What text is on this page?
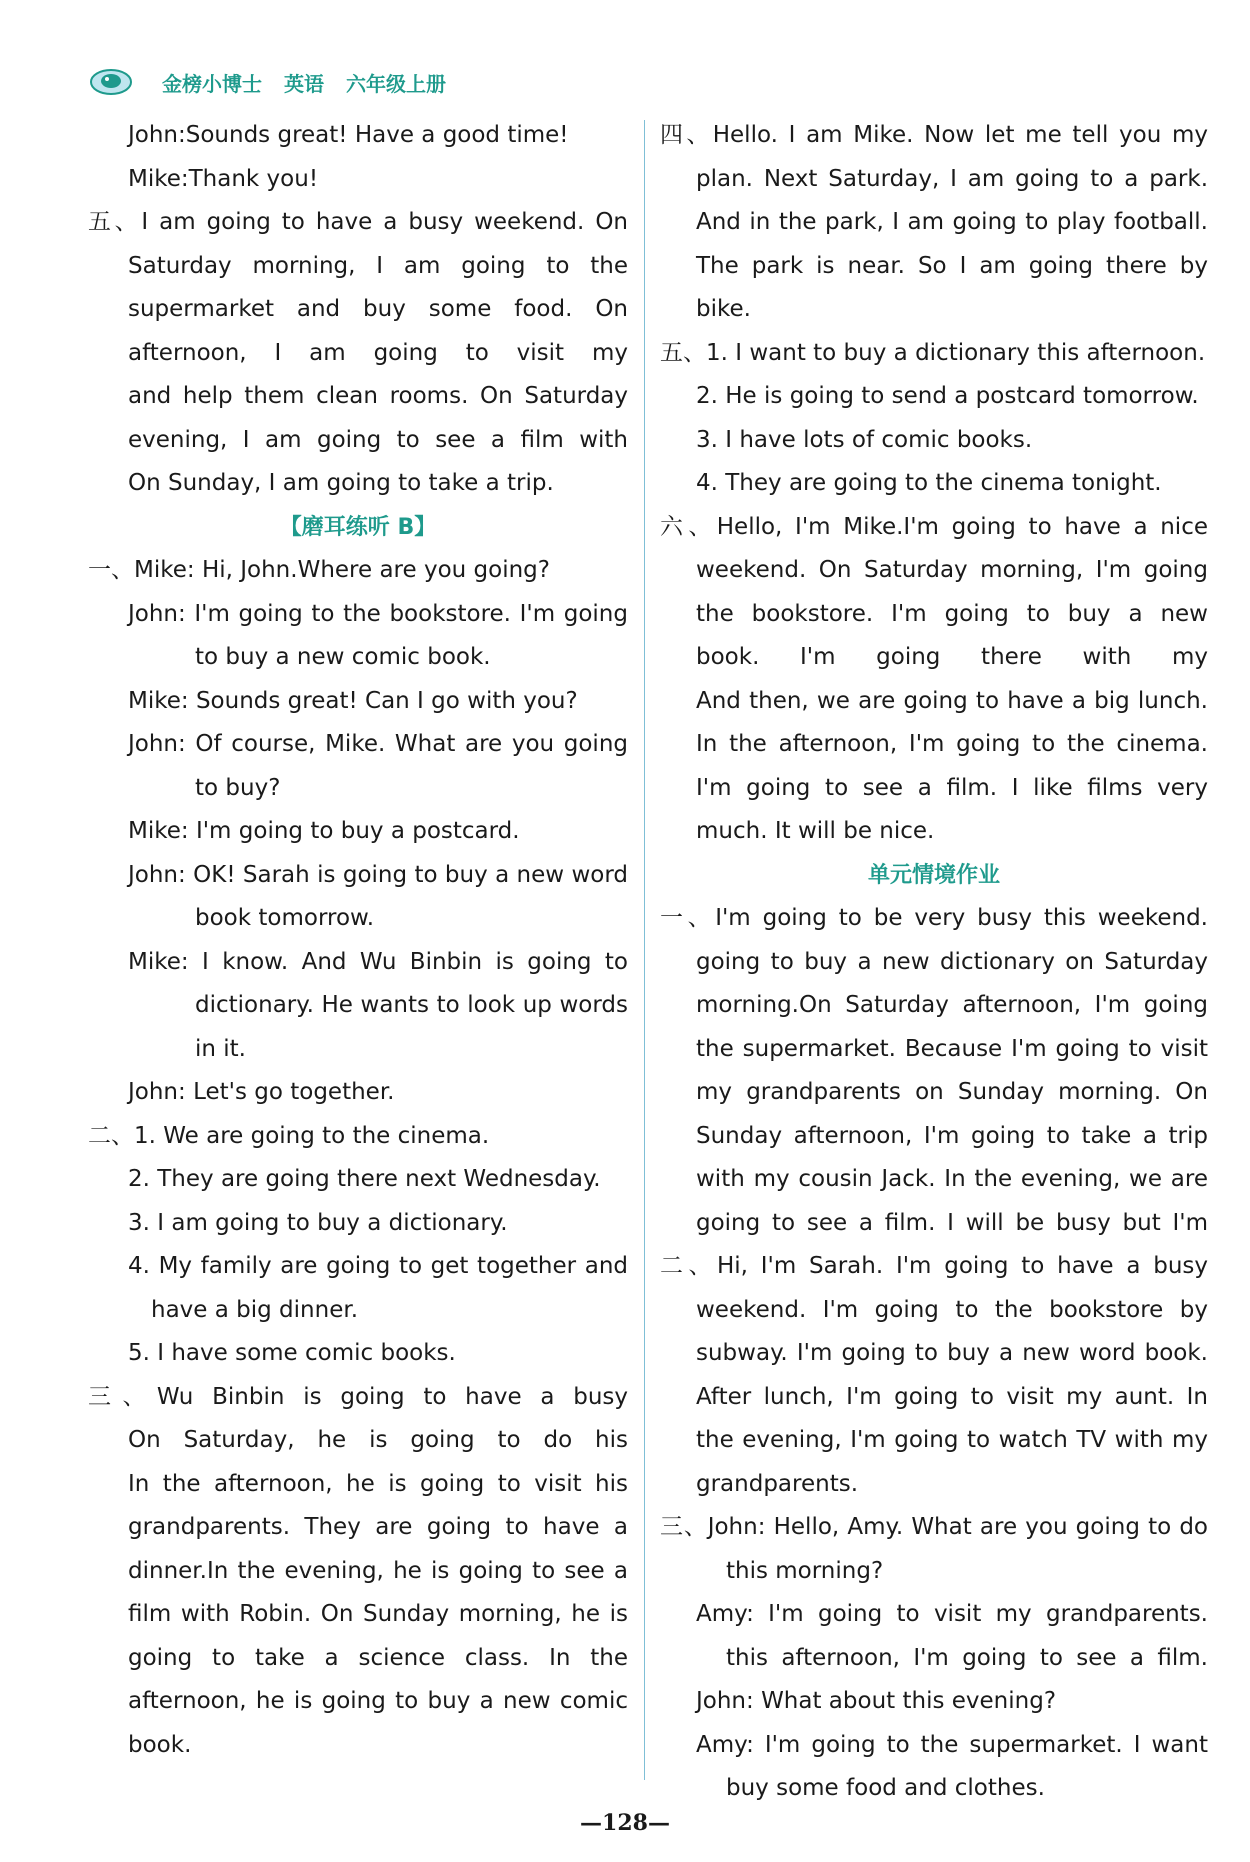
金榜小博士 英语 六年级上册
John:Sounds great! Have a good time!
Mike:Thank you!
五、I am going to have a busy weekend. On
Saturday morning, I am going to the
supermarket and buy some food. On
afternoon, I am going to visit my
and help them clean rooms. On Saturday
evening, I am going to see a film with
On Sunday, I am going to take a trip.
【磨耳练听 B】
一、Mike: Hi, John.Where are you going?
John: I'm going to the bookstore. I'm going
to buy a new comic book.
Mike: Sounds great! Can I go with you?
John: Of course, Mike. What are you going
to buy?
Mike: I'm going to buy a postcard.
John: OK! Sarah is going to buy a new word
book tomorrow.
Mike: I know. And Wu Binbin is going to
dictionary. He wants to look up words
in it.
John: Let's go together.
二、1. We are going to the cinema.
2. They are going there next Wednesday.
3. I am going to buy a dictionary.
4. My family are going to get together and
have a big dinner.
5. I have some comic books.
三、Wu Binbin is going to have a busy
On Saturday, he is going to do his
In the afternoon, he is going to visit his
grandparents. They are going to have a
dinner.In the evening, he is going to see a
film with Robin. On Sunday morning, he is
going to take a science class. In the
afternoon, he is going to buy a new comic
book.
四、Hello. I am Mike. Now let me tell you my
plan. Next Saturday, I am going to a park.
And in the park, I am going to play football.
The park is near. So I am going there by
bike.
五、1. I want to buy a dictionary this afternoon.
2. He is going to send a postcard tomorrow.
3. I have lots of comic books.
4. They are going to the cinema tonight.
六、Hello, I'm Mike.I'm going to have a nice
weekend. On Saturday morning, I'm going
the bookstore. I'm going to buy a new
book. I'm going there with my
And then, we are going to have a big lunch.
In the afternoon, I'm going to the cinema.
I'm going to see a film. I like films very
much. It will be nice.
单元情境作业
一、I'm going to be very busy this weekend.
going to buy a new dictionary on Saturday
morning.On Saturday afternoon, I'm going
the supermarket. Because I'm going to visit
my grandparents on Sunday morning. On
Sunday afternoon, I'm going to take a trip
with my cousin Jack. In the evening, we are
going to see a film. I will be busy but I'm
二、Hi, I'm Sarah. I'm going to have a busy
weekend. I'm going to the bookstore by
subway. I'm going to buy a new word book.
After lunch, I'm going to visit my aunt. In
the evening, I'm going to watch TV with my
grandparents.
三、John: Hello, Amy. What are you going to do
this morning?
Amy: I'm going to visit my grandparents.
this afternoon, I'm going to see a film.
John: What about this evening?
Amy: I'm going to the supermarket. I want
buy some food and clothes.
—128—
